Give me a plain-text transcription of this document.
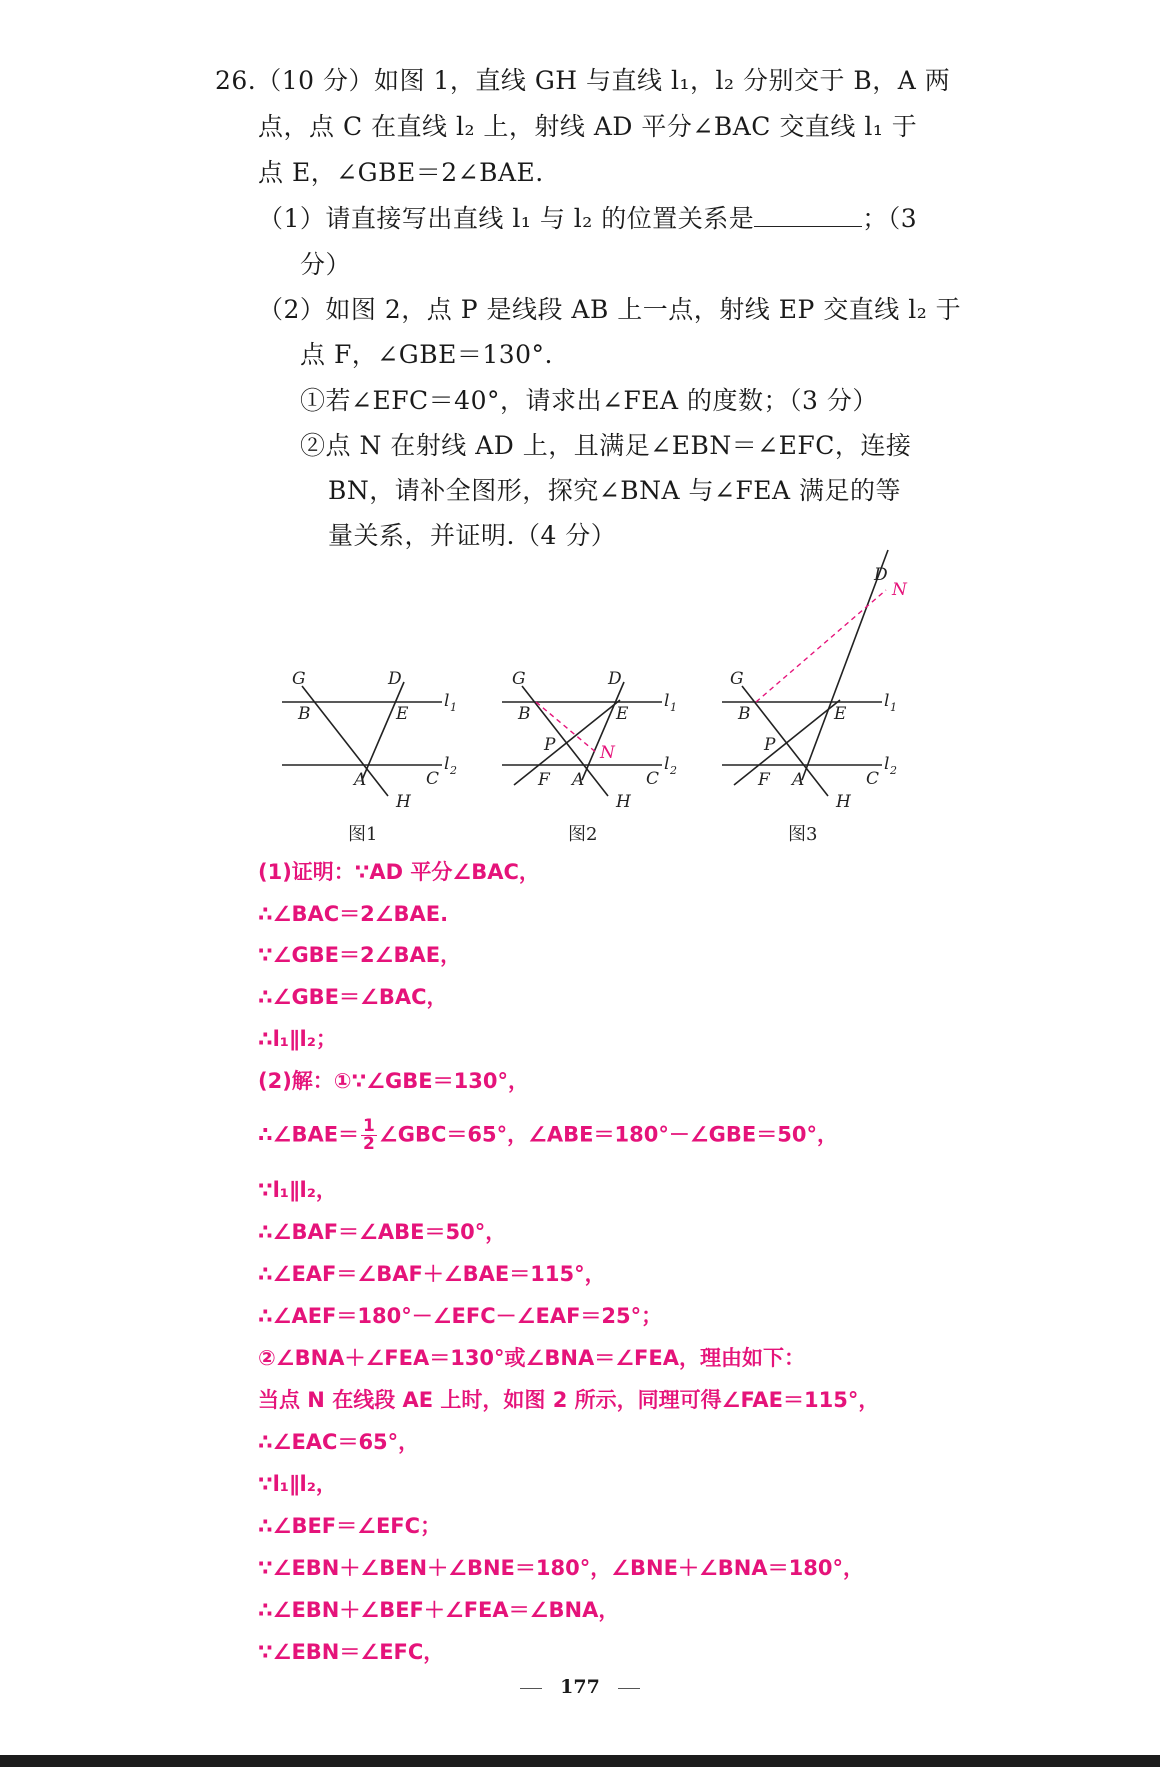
26.（10 分）如图 1，直线 GH 与直线 l₁，l₂ 分别交于 B，A 两
点，点 C 在直线 l₂ 上，射线 AD 平分∠BAC 交直线 l₁ 于
点 E，∠GBE＝2∠BAE.
（1）请直接写出直线 l₁ 与 l₂ 的位置关系是	；（3
分）
（2）如图 2，点 P 是线段 AB 上一点，射线 EP 交直线 l₂ 于
点 F，∠GBE＝130°.
①若∠EFC＝40°，请求出∠FEA 的度数；（3 分）
②点 N 在射线 AD 上，且满足∠EBN＝∠EFC，连接
BN，请补全图形，探究∠BNA 与∠FEA 满足的等
量关系，并证明.（4 分）
G
B
D
E
A	C
H
l 1
l 2
图1
G
B
D
E
P	N
F A	C
H
l 1
l 2
图2
G
B
D
N
E
P
F A	C
H
l 1
l 2
图3
(1)证明：∵AD 平分∠BAC，
∴∠BAC＝2∠BAE.
∵∠GBE＝2∠BAE，
∴∠GBE＝∠BAC，
∴l₁∥l₂；
(2)解：①∵∠GBE＝130°，
∴∠BAE＝ $\frac{1}{2}$ ∠GBC＝65°，∠ABE＝180°－∠GBE＝50°，
∵l₁∥l₂，
∴∠BAF＝∠ABE＝50°，
∴∠EAF＝∠BAF＋∠BAE＝115°，
∴∠AEF＝180°－∠EFC－∠EAF＝25°；
②∠BNA＋∠FEA＝130°或∠BNA＝∠FEA，理由如下：
当点 N 在线段 AE 上时，如图 2 所示，同理可得∠FAE＝115°，
∴∠EAC＝65°，
∵l₁∥l₂，
∴∠BEF＝∠EFC；
∵∠EBN＋∠BEN＋∠BNE＝180°，∠BNE＋∠BNA＝180°，
∴∠EBN＋∠BEF＋∠FEA＝∠BNA，
∵∠EBN＝∠EFC，
177
